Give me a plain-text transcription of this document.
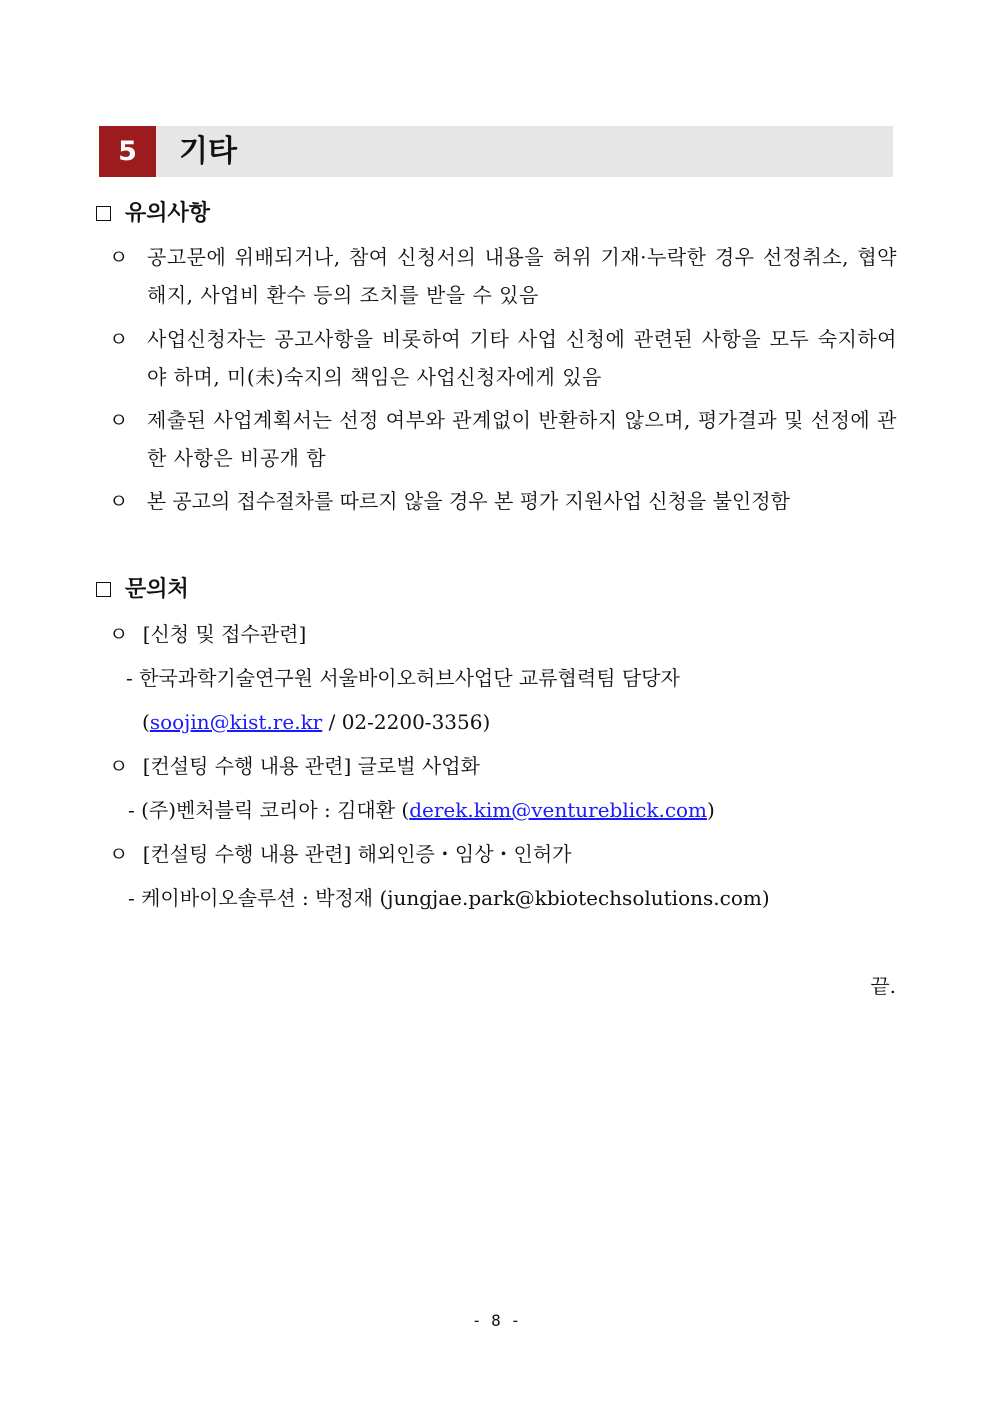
5	기타
유의사항
ㅇ 공고문에 위배되거나, 참여 신청서의 내용을 허위 기재·누락한 경우 선정취소, 협약 해지, 사업비 환수 등의 조치를 받을 수 있음
ㅇ 사업신청자는 공고사항을 비롯하여 기타 사업 신청에 관련된 사항을 모두 숙지하여야 하며, 미(未)숙지의 책임은 사업신청자에게 있음
ㅇ 제출된 사업계획서는 선정 여부와 관계없이 반환하지 않으며, 평가결과 및 선정에 관한 사항은 비공개 함
ㅇ 본 공고의 접수절차를 따르지 않을 경우 본 평가 지원사업 신청을 불인정함
문의처
ㅇ [신청 및 접수관련]
- 한국과학기술연구원 서울바이오허브사업단 교류협력팀 담당자
(soojin@kist.re.kr / 02-2200-3356)
ㅇ [컨설팅 수행 내용 관련] 글로벌 사업화
- (주)벤처블릭 코리아 : 김대환 (derek.kim@ventureblick.com)
ㅇ [컨설팅 수행 내용 관련] 해외인증・임상・인허가
- 케이바이오솔루션 : 박정재 (jungjae.park@kbiotechsolutions.com)
끝.
- 8 -
